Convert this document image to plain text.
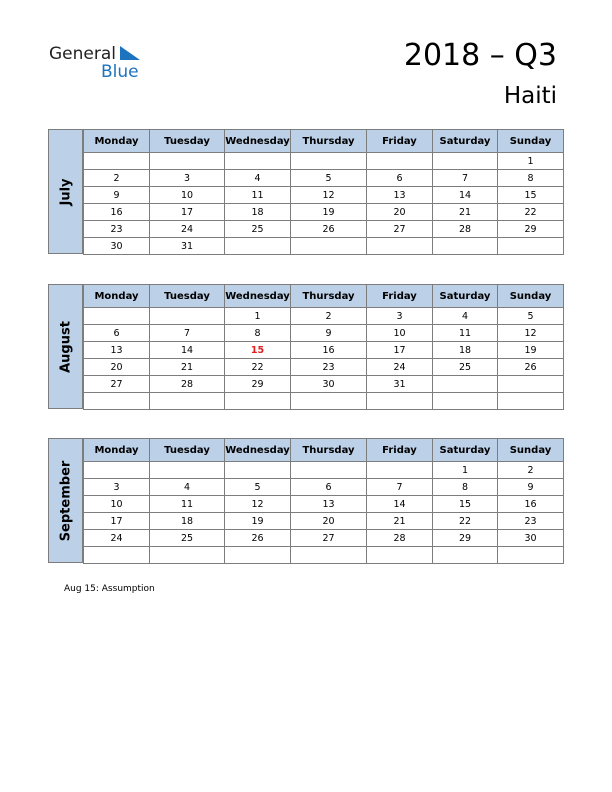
General
Blue	2018 – Q3
Haiti
July
Monday	Tuesday	Wednesday	Thursday	Friday	Saturday	Sunday
						1
2	3	4	5	6	7	8
9	10	11	12	13	14	15
16	17	18	19	20	21	22
23	24	25	26	27	28	29
30	31					
August
Monday	Tuesday	Wednesday	Thursday	Friday	Saturday	Sunday
		1	2	3	4	5
6	7	8	9	10	11	12
13	14	15	16	17	18	19
20	21	22	23	24	25	26
27	28	29	30	31		

September
Monday	Tuesday	Wednesday	Thursday	Friday	Saturday	Sunday
					1	2
3	4	5	6	7	8	9
10	11	12	13	14	15	16
17	18	19	20	21	22	23
24	25	26	27	28	29	30

Aug 15: Assumption
